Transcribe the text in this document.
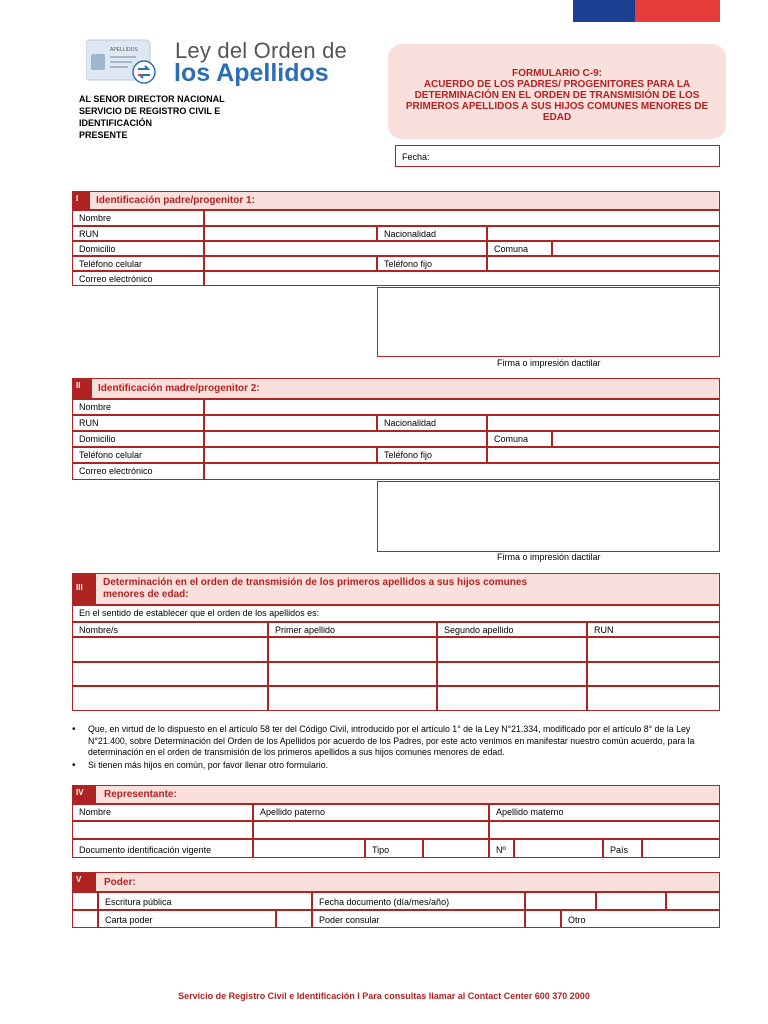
APELLIDOS Ley del Orden de
los Apellidos
AL SENOR DIRECTOR NACIONAL
SERVICIO DE REGISTRO CIVIL E
IDENTIFICACIÓN
PRESENTE
FORMULARIO C-9:
ACUERDO DE LOS PADRES/ PROGENITORES PARA LA DETERMINACIÓN EN EL ORDEN DE TRANSMISIÓN DE LOS PRIMEROS APELLIDOS A SUS HIJOS COMUNES MENORES DE EDAD
Fecha:
I	Identificación padre/progenitor 1:
Nombre
RUN	Nacionalidad
Domicilio	Comuna
Teléfono celular	Teléfono fijo
Correo electrónico
Firma o impresión dactilar
II	Identificación madre/progenitor 2:
Nombre
RUN	Nacionalidad
Domicilio	Comuna
Teléfono celular	Teléfono fijo
Correo electrónico
Firma o impresión dactilar
III	Determinación en el orden de transmisión de los primeros apellidos a sus hijos comunes
menores de edad:
En el sentido de establecer que el orden de los apellidos es:
Nombre/s	Primer apellido	Segundo apellido	RUN
• Que, en virtud de lo dispuesto en el artículo 58 ter del Código Civil, introducido por el artículo 1° de la Ley N°21.334, modificado por el artículo 8° de la Ley N°21.400, sobre Determinación del Orden de los Apellidos por acuerdo de los Padres, por este acto venimos en manifestar nuestro común acuerdo, para la determinación en el orden de transmisión de los primeros apellidos a sus hijos comunes menores de edad.
• Si tienen más hijos en común, por favor llenar otro formulario.
IV	Representante:
Nombre	Apellido paterno	Apellido materno
Documento identificación vigente	Tipo	Nº	País
V	Poder:
Escritura pública	Fecha documento (día/mes/año)
Carta poder	Poder consular	Otro
Servicio de Registro Civil e Identificación I Para consultas llamar al Contact Center 600 370 2000
